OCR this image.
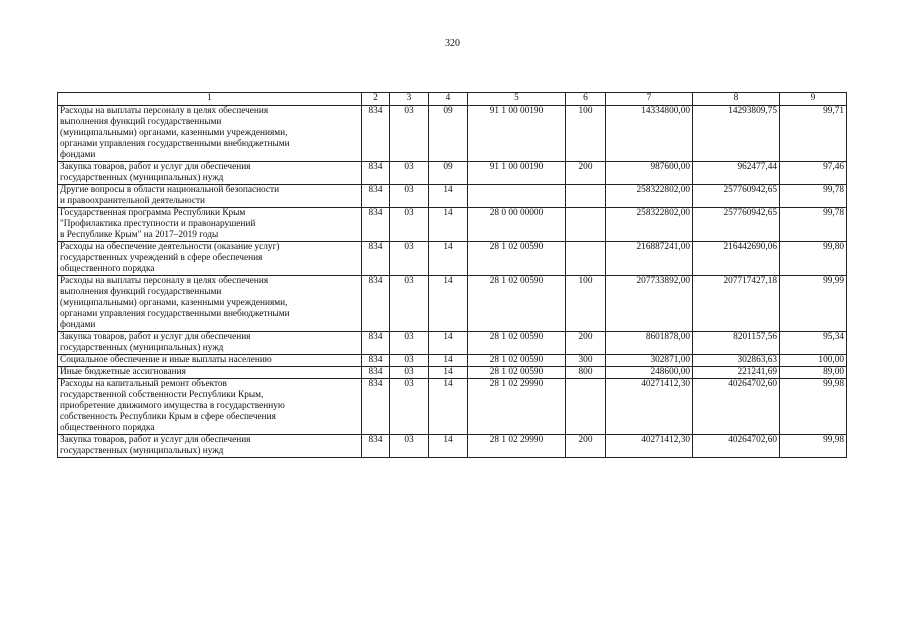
320
1	2	3	4	5	6	7	8	9

Расходы на выплаты персоналу в целях обеспечения
выполнения функций государственными
(муниципальными) органами, казенными учреждениями,
органами управления государственными внебюджетными
фондами	834	03	09	91 1 00 00190	100	14334800,00	14293809,75	99,71

Закупка товаров, работ и услуг для обеспечения
государственных (муниципальных) нужд	834	03	09	91 1 00 00190	200	987600,00	962477,44	97,46

Другие вопросы в области национальной безопасности
и правоохранительной деятельности	834	03	14			258322802,00	257760942,65	99,78

Государственная программа Республики Крым
"Профилактика преступности и правонарушений
в Республике Крым" на 2017–2019 годы	834	03	14	28 0 00 00000		258322802,00	257760942,65	99,78

Расходы на обеспечение деятельности (оказание услуг)
государственных учреждений в сфере обеспечения
общественного порядка	834	03	14	28 1 02 00590		216887241,00	216442690,06	99,80

Расходы на выплаты персоналу в целях обеспечения
выполнения функций государственными
(муниципальными) органами, казенными учреждениями,
органами управления государственными внебюджетными
фондами	834	03	14	28 1 02 00590	100	207733892,00	207717427,18	99,99

Закупка товаров, работ и услуг для обеспечения
государственных (муниципальных) нужд	834	03	14	28 1 02 00590	200	8601878,00	8201157,56	95,34

Социальное обеспечение и иные выплаты населению	834	03	14	28 1 02 00590	300	302871,00	302863,63	100,00

Иные бюджетные ассигнования	834	03	14	28 1 02 00590	800	248600,00	221241,69	89,00

Расходы на капитальный ремонт объектов
государственной собственности Республики Крым,
приобретение движимого имущества в государственную
собственность Республики Крым в сфере обеспечения
общественного порядка	834	03	14	28 1 02 29990		40271412,30	40264702,60	99,98

Закупка товаров, работ и услуг для обеспечения
государственных (муниципальных) нужд	834	03	14	28 1 02 29990	200	40271412,30	40264702,60	99,98
